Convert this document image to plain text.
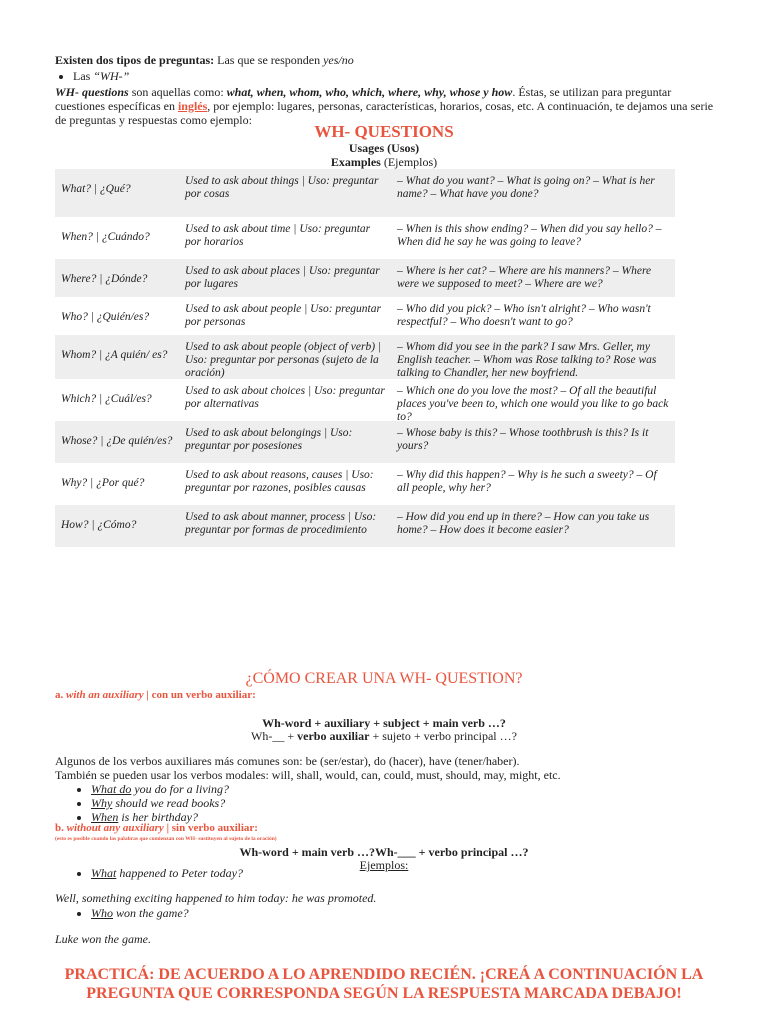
Existen dos tipos de preguntas: Las que se responden yes/no
• Las “WH-”
WH- questions son aquellas como: what, when, whom, who, which, where, why, whose y how. Éstas, se utilizan para preguntar cuestiones específicas en inglés, por ejemplo: lugares, personas, características, horarios, cosas, etc. A continuación, te dejamos una serie de preguntas y respuestas como ejemplo:
WH- QUESTIONS
Usages (Usos)
Examples (Ejemplos)
What? | ¿Qué?	Used to ask about things | Uso: preguntar por cosas	– What do you want? – What is going on? – What is her name? – What have you done?

When? | ¿Cuándo?	Used to ask about time | Uso: preguntar por horarios	– When is this show ending? – When did you say hello? – When did he say he was going to leave?

Where? | ¿Dónde?	Used to ask about places | Uso: preguntar por lugares	– Where is her cat? – Where are his manners? – Where were we supposed to meet? – Where are we?

Who? | ¿Quién/es?	Used to ask about people | Uso: preguntar por personas	– Who did you pick? – Who isn't alright? – Who wasn't respectful? – Who doesn't want to go?

Whom? | ¿A quién/ es?	Used to ask about people (object of verb) | Uso: preguntar por personas (sujeto de la oración)	– Whom did you see in the park? I saw Mrs. Geller, my English teacher. – Whom was Rose talking to? Rose was talking to Chandler, her new boyfriend.

Which? | ¿Cuál/es?	Used to ask about choices | Uso: preguntar por alternativas	– Which one do you love the most? – Of all the beautiful places you've been to, which one would you like to go back to?

Whose? | ¿De quién/es?	Used to ask about belongings | Uso: preguntar por posesiones	– Whose baby is this? – Whose toothbrush is this? Is it yours?

Why? | ¿Por qué?	Used to ask about reasons, causes | Uso: preguntar por razones, posibles causas	– Why did this happen? – Why is he such a sweety? – Of all people, why her?

How? | ¿Cómo?	Used to ask about manner, process | Uso: preguntar por formas de procedimiento	– How did you end up in there? – How can you take us home? – How does it become easier?
¿CÓMO CREAR UNA WH- QUESTION?
a. with an auxiliary | con un verbo auxiliar:
Wh-word + auxiliary + subject + main verb …?
Wh-__ + verbo auxiliar + sujeto + verbo principal …?
Algunos de los verbos auxiliares más comunes son: be (ser/estar), do (hacer), have (tener/haber).
También se pueden usar los verbos modales: will, shall, would, can, could, must, should, may, might, etc.
• What do you do for a living?
• Why should we read books?
• When is her birthday?
b. without any auxiliary | sin verbo auxiliar:
(esto es posible cuando las palabras que comienzan con WH- sustituyen al sujeto de la oración)
Wh-word + main verb …?Wh-___ + verbo principal …?
Ejemplos:
• What happened to Peter today?
Well, something exciting happened to him today: he was promoted.
• Who won the game?
Luke won the game.
PRACTICÁ: DE ACUERDO A LO APRENDIDO RECIÉN. ¡CREÁ A CONTINUACIÓN LA PREGUNTA QUE CORRESPONDA SEGÚN LA RESPUESTA MARCADA DEBAJO!
